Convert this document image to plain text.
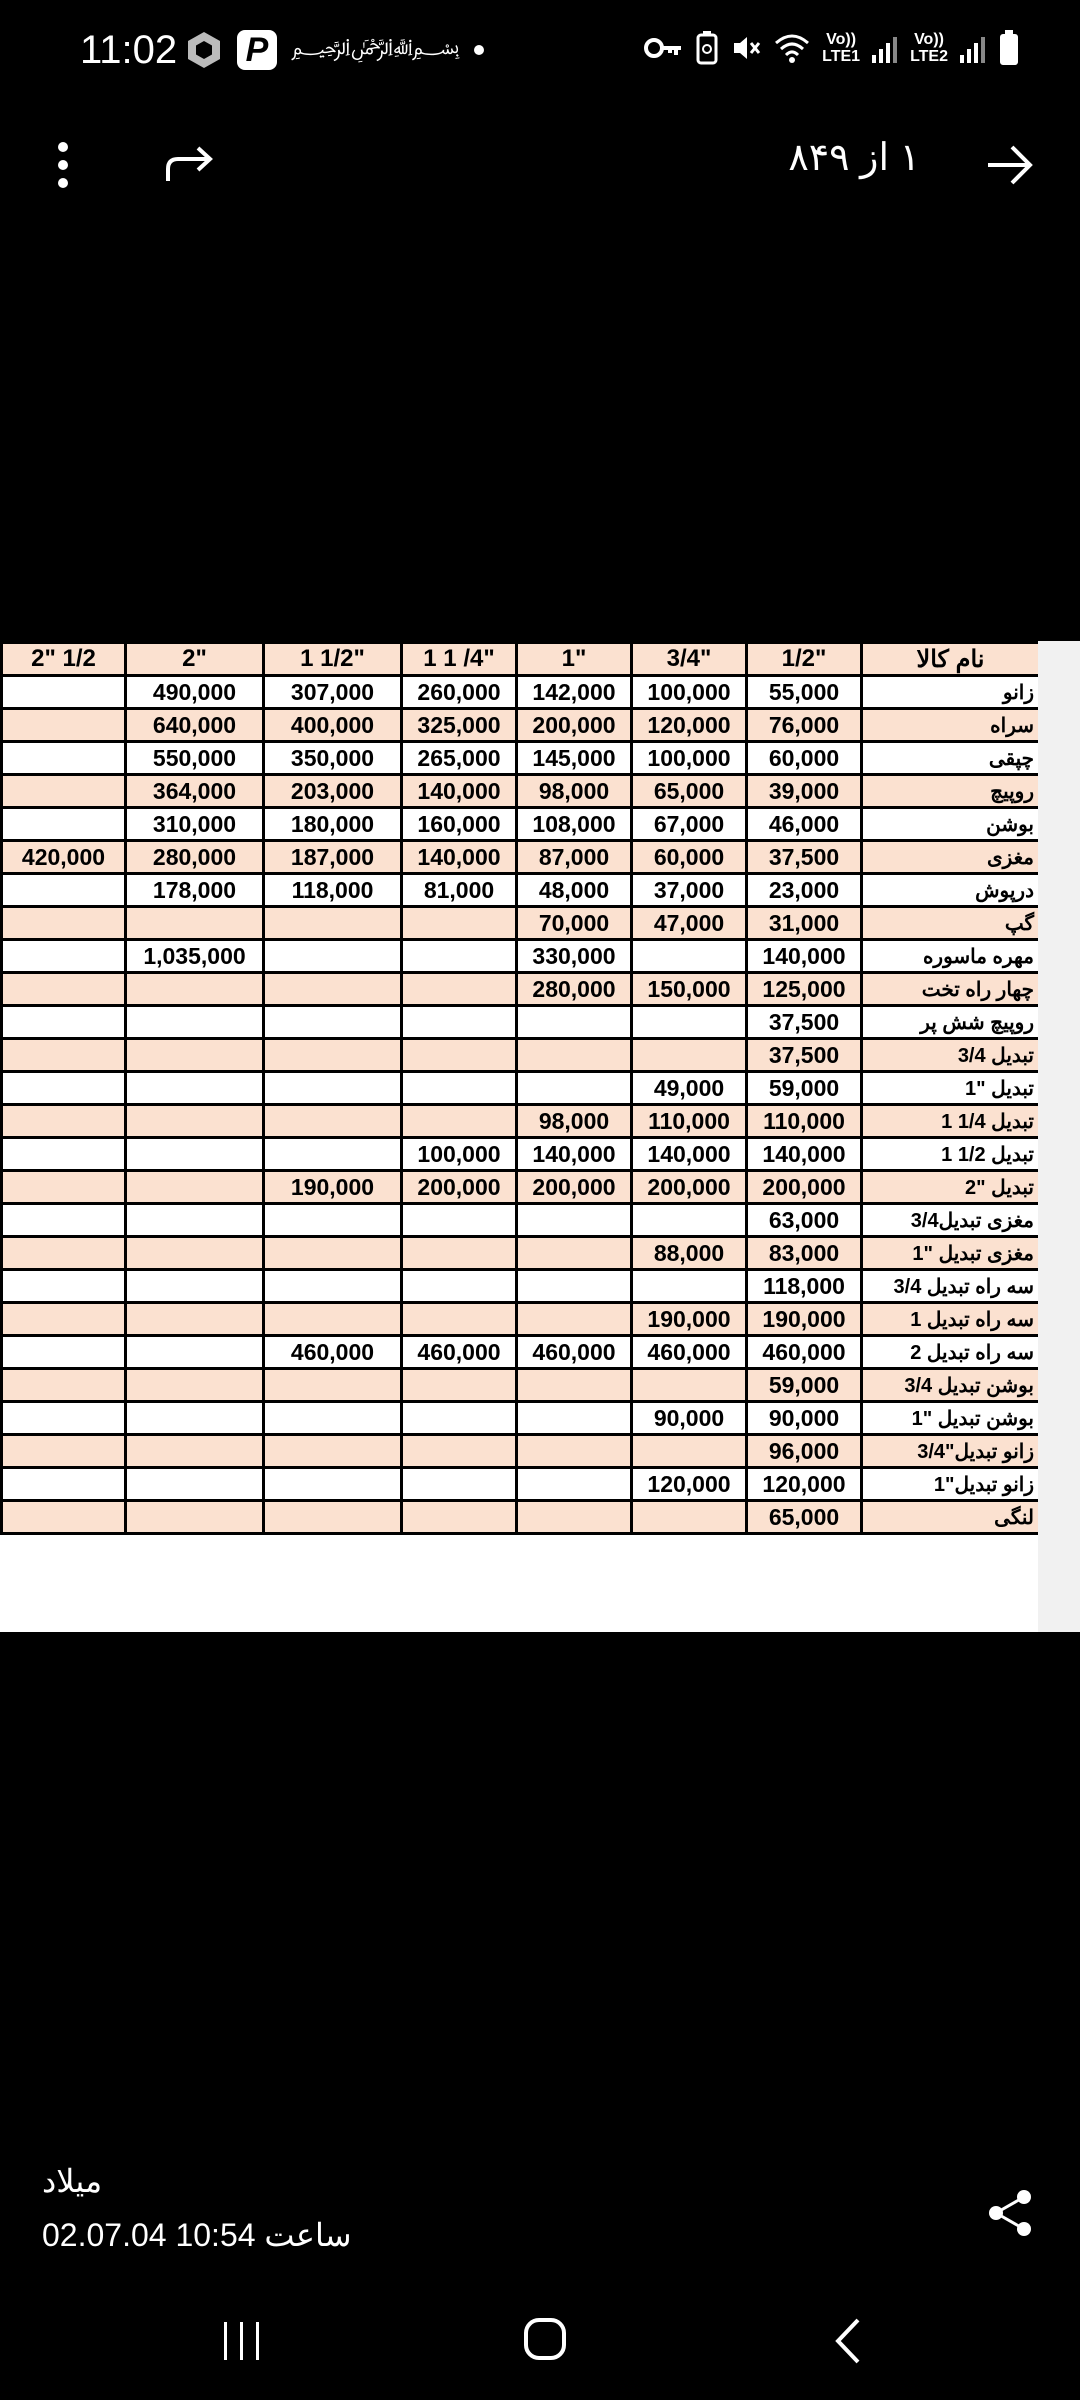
11:02 P	﷽	Vo))
LTE1
Vo))
LTE2
۱ از ۸۴۹
2" 1/2	2"	1 1/2"	1 1 /4"	1"	3/4"	1/2"	نام کالا
	490,000	307,000	260,000	142,000	100,000	55,000	زانو
	640,000	400,000	325,000	200,000	120,000	76,000	سراه
	550,000	350,000	265,000	145,000	100,000	60,000	چپقی
	364,000	203,000	140,000	98,000	65,000	39,000	روپیچ
	310,000	180,000	160,000	108,000	67,000	46,000	بوشن
420,000	280,000	187,000	140,000	87,000	60,000	37,500	مغزی
	178,000	118,000	81,000	48,000	37,000	23,000	درپوش
				70,000	47,000	31,000	گپ
	1,035,000			330,000		140,000	مهره ماسوره
				280,000	150,000	125,000	چهار راه تخت
						37,500	روپیچ شش پر
						37,500	تبدیل 3/4
					49,000	59,000	تبدیل "1
				98,000	110,000	110,000	تبدیل 1/4 1
			100,000	140,000	140,000	140,000	تبدیل 1/2 1
		190,000	200,000	200,000	200,000	200,000	تبدیل "2
						63,000	مغزی تبدیل3/4
					88,000	83,000	مغزی تبدیل "1
						118,000	سه راه تبدیل 3/4
					190,000	190,000	سه راه تبدیل 1
		460,000	460,000	460,000	460,000	460,000	سه راه تبدیل 2
						59,000	بوشن تبدیل 3/4
					90,000	90,000	بوشن تبدیل "1
						96,000	زانو تبدیل"3/4
					120,000	120,000	زانو تبدیل"1
						65,000	لنگی
میلاد
02.07.04 ساعت 10:54
